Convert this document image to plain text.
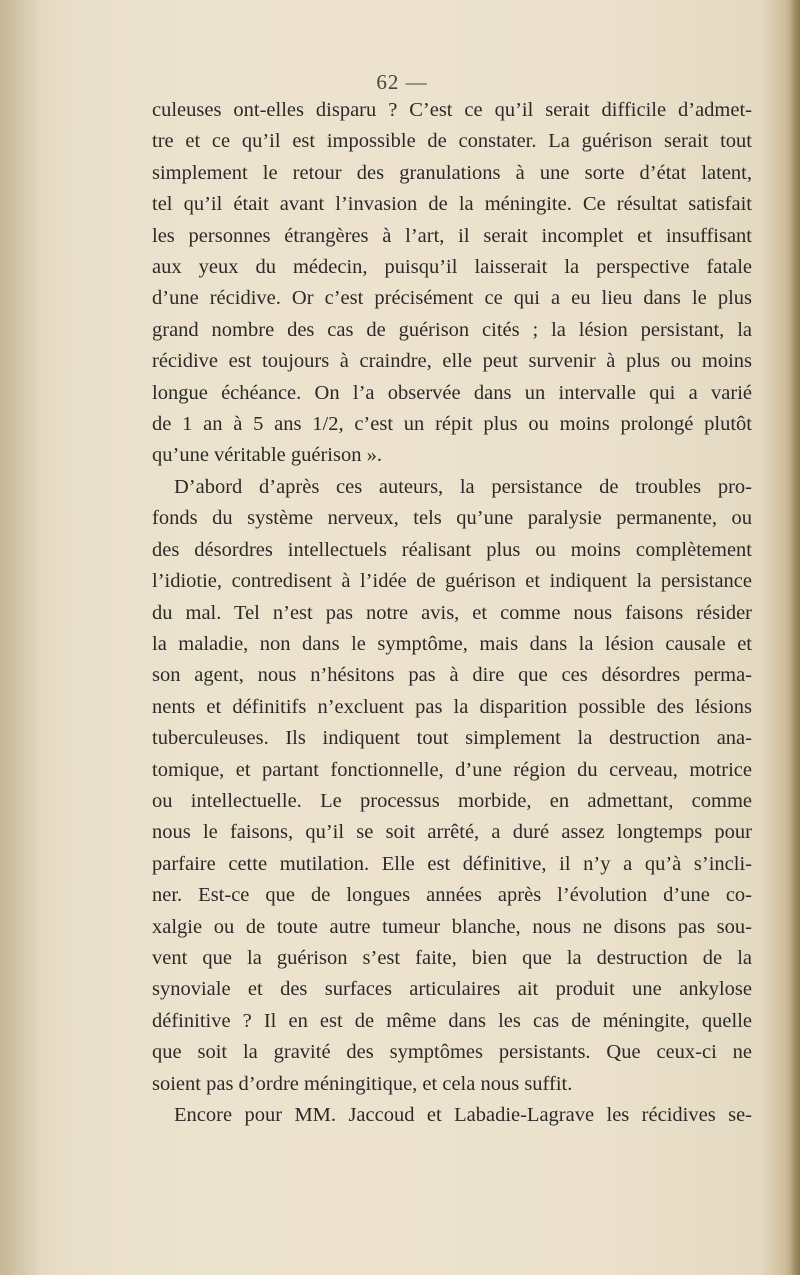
62 —
culeuses ont-elles disparu ? C’est ce qu’il serait difficile d’admet-
tre et ce qu’il est impossible de constater. La guérison serait tout
simplement le retour des granulations à une sorte d’état latent,
tel qu’il était avant l’invasion de la méningite. Ce résultat satisfait
les personnes étrangères à l’art, il serait incomplet et insuffisant
aux yeux du médecin, puisqu’il laisserait la perspective fatale
d’une récidive. Or c’est précisément ce qui a eu lieu dans le plus
grand nombre des cas de guérison cités ; la lésion persistant, la
récidive est toujours à craindre, elle peut survenir à plus ou moins
longue échéance. On l’a observée dans un intervalle qui a varié
de 1 an à 5 ans 1/2, c’est un répit plus ou moins prolongé plutôt
qu’une véritable guérison ».
D’abord d’après ces auteurs, la persistance de troubles pro-
fonds du système nerveux, tels qu’une paralysie permanente, ou
des désordres intellectuels réalisant plus ou moins complètement
l’idiotie, contredisent à l’idée de guérison et indiquent la persistance
du mal. Tel n’est pas notre avis, et comme nous faisons résider
la maladie, non dans le symptôme, mais dans la lésion causale et
son agent, nous n’hésitons pas à dire que ces désordres perma-
nents et définitifs n’excluent pas la disparition possible des lésions
tuberculeuses. Ils indiquent tout simplement la destruction ana-
tomique, et partant fonctionnelle, d’une région du cerveau, motrice
ou intellectuelle. Le processus morbide, en admettant, comme
nous le faisons, qu’il se soit arrêté, a duré assez longtemps pour
parfaire cette mutilation. Elle est définitive, il n’y a qu’à s’incli-
ner. Est-ce que de longues années après l’évolution d’une co-
xalgie ou de toute autre tumeur blanche, nous ne disons pas sou-
vent que la guérison s’est faite, bien que la destruction de la
synoviale et des surfaces articulaires ait produit une ankylose
définitive ? Il en est de même dans les cas de méningite, quelle
que soit la gravité des symptômes persistants. Que ceux-ci ne
soient pas d’ordre méningitique, et cela nous suffit.
Encore pour MM. Jaccoud et Labadie-Lagrave les récidives se-
